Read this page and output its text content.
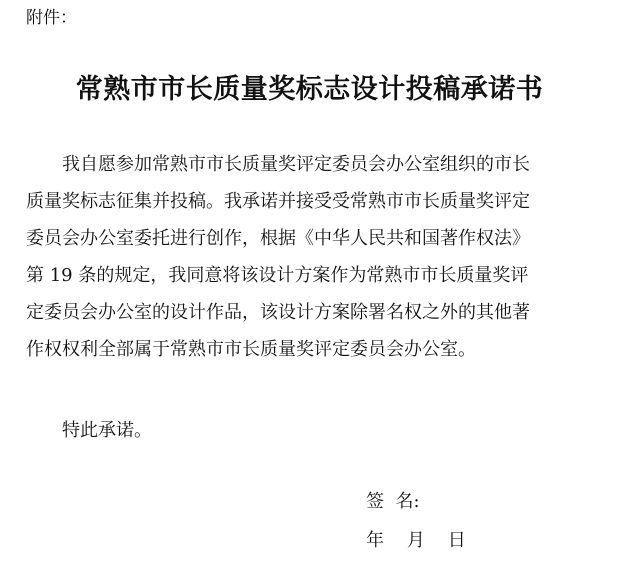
附件：
常熟市市长质量奖标志设计投稿承诺书
我自愿参加常熟市市长质量奖评定委员会办公室组织的市长
质量奖标志征集并投稿。我承诺并接受受常熟市市长质量奖评定
委员会办公室委托进行创作，根据《中华人民共和国著作权法》
第 19 条的规定，我同意将该设计方案作为常熟市市长质量奖评
定委员会办公室的设计作品，该设计方案除署名权之外的其他著
作权权利全部属于常熟市市长质量奖评定委员会办公室。
特此承诺。
签  名:
年    月    日
